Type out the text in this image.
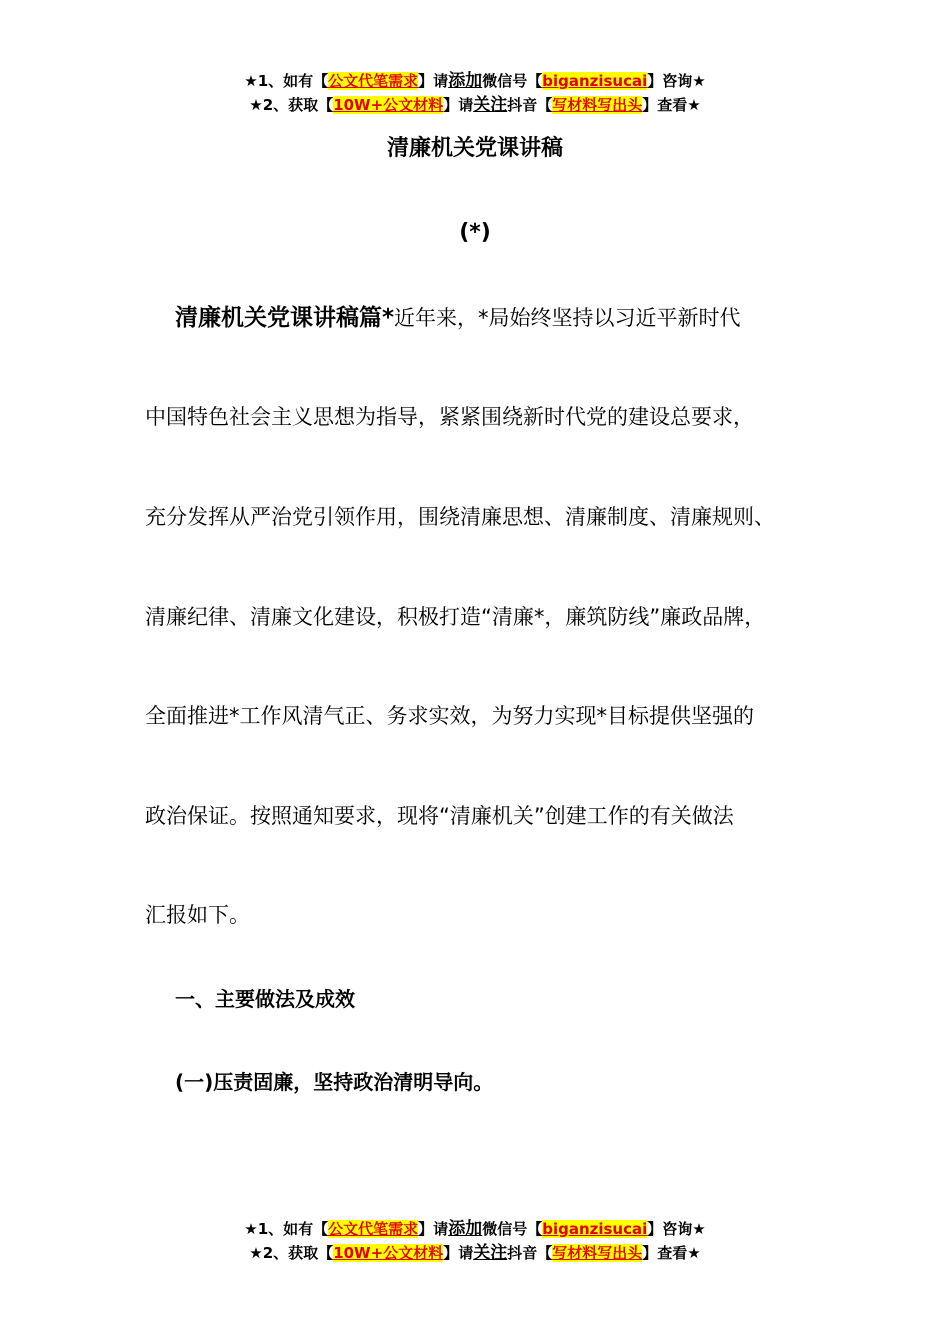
★1、如有【公文代笔需求】请添加微信号【biganzisucai】咨询★
★2、获取【10W+公文材料】请关注抖音【写材料写出头】查看★
清廉机关党课讲稿
(*)
清廉机关党课讲稿篇*近年来，*局始终坚持以习近平新时代
中国特色社会主义思想为指导，紧紧围绕新时代党的建设总要求，
充分发挥从严治党引领作用，围绕清廉思想、清廉制度、清廉规则、
清廉纪律、清廉文化建设，积极打造“清廉*，廉筑防线”廉政品牌，
全面推进*工作风清气正、务求实效，为努力实现*目标提供坚强的
政治保证。按照通知要求，现将“清廉机关”创建工作的有关做法
汇报如下。
一、主要做法及成效
(一)压责固廉，坚持政治清明导向。
★1、如有【公文代笔需求】请添加微信号【biganzisucai】咨询★
★2、获取【10W+公文材料】请关注抖音【写材料写出头】查看★
